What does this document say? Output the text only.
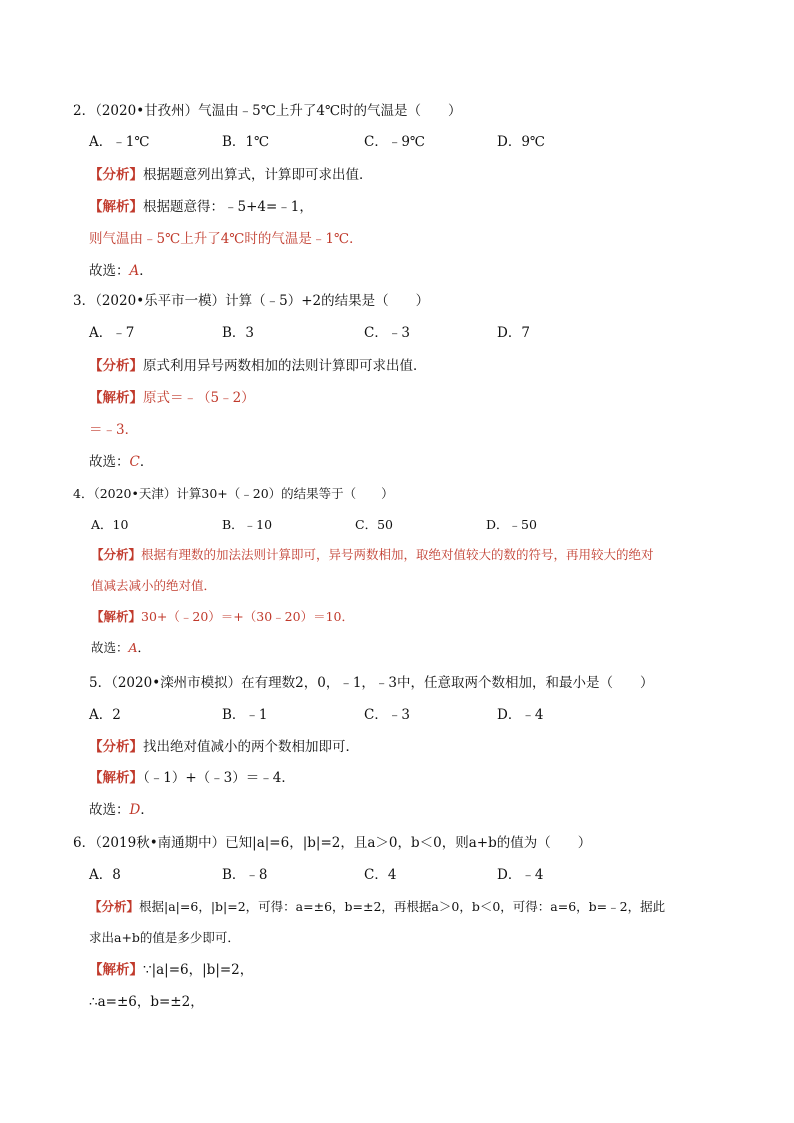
2．（2020•甘孜州）气温由﹣5℃上升了4℃时的气温是（　　）
A．﹣1℃	B．1℃	C．﹣9℃	D．9℃
【分析】根据题意列出算式，计算即可求出值．
【解析】根据题意得：﹣5+4=﹣1，
则气温由﹣5℃上升了4℃时的气温是﹣1℃．
故选：A．
3．（2020•乐平市一模）计算（﹣5）+2的结果是（　　）
A．﹣7	B．3	C．﹣3	D．7
【分析】原式利用异号两数相加的法则计算即可求出值．
【解析】原式＝﹣（5﹣2）
＝﹣3．
故选：C．
4．（2020•天津）计算30+（﹣20）的结果等于（　　）
A．10	B．﹣10	C．50	D．﹣50
【分析】根据有理数的加法法则计算即可，异号两数相加，取绝对值较大的数的符号，再用较大的绝对
值减去减小的绝对值．
【解析】30+（﹣20）＝+（30﹣20）＝10．
故选：A．
5．（2020•滦州市模拟）在有理数2，0，﹣1，﹣3中，任意取两个数相加，和最小是（　　）
A．2	B．﹣1	C．﹣3	D．﹣4
【分析】找出绝对值减小的两个数相加即可．
【解析】（﹣1）+（﹣3）＝﹣4．
故选：D．
6．（2019秋•南通期中）已知|a|=6，|b|=2，且a＞0，b＜0，则a+b的值为（　　）
A．8	B．﹣8	C．4	D．﹣4
【分析】根据|a|=6，|b|=2，可得：a=±6，b=±2，再根据a＞0，b＜0，可得：a=6，b=﹣2，据此
求出a+b的值是多少即可．
【解析】∵|a|=6，|b|=2，
∴a=±6，b=±2，
